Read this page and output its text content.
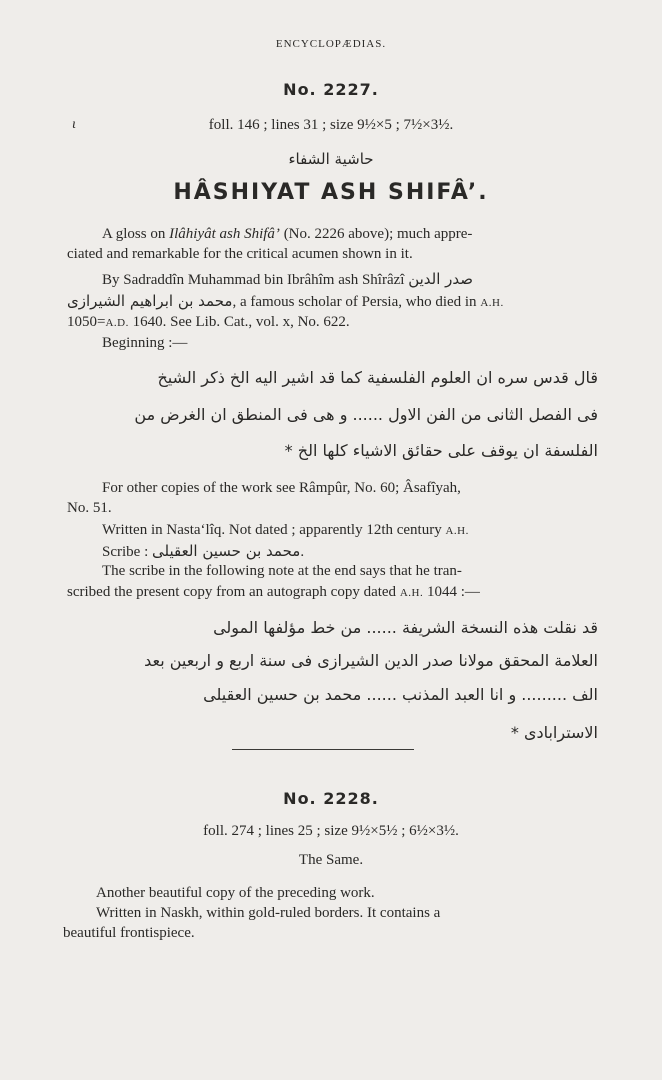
ENCYCLOPÆDIAS.
No. 2227.
ɩ	foll. 146 ; lines 31 ; size 9½×5 ; 7½×3½.
حاشية الشفاء
HÂSHIYAT ASH SHIFÂ’.
A gloss on Ilâhiyât ash Shifâ’ (No. 2226 above); much appre-
ciated and remarkable for the critical acumen shown in it.
By Sadraddîn Muhammad bin Ibrâhîm ash Shîrâzî صدر الدين
محمد بن ابراهيم الشيرازى, a famous scholar of Persia, who died in A.H.
1050=A.D. 1640. See Lib. Cat., vol. x, No. 622.
Beginning :—
قال قدس سره ان العلوم الفلسفية كما قد اشير اليه الخ ذكر الشيخ
فى الفصل الثانى من الفن الاول ...... و هى فى المنطق ان الغرض من
الفلسفة ان يوقف على حقائق الاشياء كلها الخ *
For other copies of the work see Râmpûr, No. 60; Âsafîyah,
No. 51.
Written in Nasta‘lîq. Not dated ; apparently 12th century A.H.
Scribe : محمد بن حسين العقيلى.
The scribe in the following note at the end says that he tran-
scribed the present copy from an autograph copy dated A.H. 1044 :—
قد نقلت هذه النسخة الشريفة ...... من خط مؤلفها المولى
العلامة المحقق مولانا صدر الدين الشيرازى فى سنة اربع و اربعين بعد
الف ......... و انا العبد المذنب ...... محمد بن حسين العقيلى
الاسترابادى *
No. 2228.
foll. 274 ; lines 25 ; size 9½×5½ ; 6½×3½.
The Same.
Another beautiful copy of the preceding work.
Written in Naskh, within gold-ruled borders. It contains a
beautiful frontispiece.
